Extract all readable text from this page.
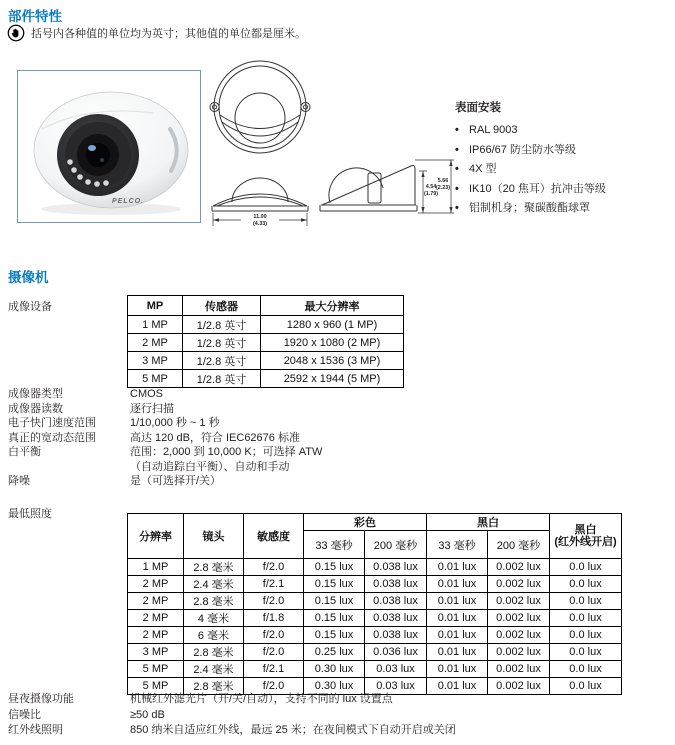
部件特性
括号内各种值的单位均为英寸；其他值的单位都是厘米。
PELCO.
11.00
(4.33)
4.54
(1.79)
5.66
(2.23)
表面安装
• RAL 9003
• IP66/67 防尘防水等级
• 4X 型
• IK10（20 焦耳）抗冲击等级
• 铝制机身；聚碳酸酯球罩
摄像机
成像设备	MP	传感器	最大分辨率
1 MP	1/2.8 英寸	1280 x 960 (1 MP)
2 MP	1/2.8 英寸	1920 x 1080 (2 MP)
3 MP	1/2.8 英寸	2048 x 1536 (3 MP)
5 MP	1/2.8 英寸	2592 x 1944 (5 MP)
成像器类型	CMOS
成像器读数	逐行扫描
电子快门速度范围	1/10,000 秒 ~ 1 秒
真正的宽动态范围	高达 120 dB，符合 IEC62676 标准
白平衡	范围：2,000 到 10,000 K；可选择 ATW（自动追踪白平衡）、自动和手动
降噪	是（可选择开/关）
最低照度
分辨率	镜头	敏感度	彩色		黑白		黑白
(红外线开启)
			33 毫秒	200 毫秒	33 毫秒	200 毫秒	
1 MP	2.8 毫米	f/2.0	0.15 lux	0.038 lux	0.01 lux	0.002 lux	0.0 lux
2 MP	2.4 毫米	f/2.1	0.15 lux	0.038 lux	0.01 lux	0.002 lux	0.0 lux
2 MP	2.8 毫米	f/2.0	0.15 lux	0.038 lux	0.01 lux	0.002 lux	0.0 lux
2 MP	4 毫米	f/1.8	0.15 lux	0.038 lux	0.01 lux	0.002 lux	0.0 lux
2 MP	6 毫米	f/2.0	0.15 lux	0.038 lux	0.01 lux	0.002 lux	0.0 lux
3 MP	2.8 毫米	f/2.0	0.25 lux	0.036 lux	0.01 lux	0.002 lux	0.0 lux
5 MP	2.4 毫米	f/2.1	0.30 lux	0.03 lux	0.01 lux	0.002 lux	0.0 lux
5 MP	2.8 毫米	f/2.0	0.30 lux	0.03 lux	0.01 lux	0.002 lux	0.0 lux
昼夜摄像功能	机械红外滤光片（开/关/自动），支持不同的 lux 设置点
信噪比	≥50 dB
红外线照明	850 纳米自适应红外线，最远 25 米；在夜间模式下自动开启或关闭
